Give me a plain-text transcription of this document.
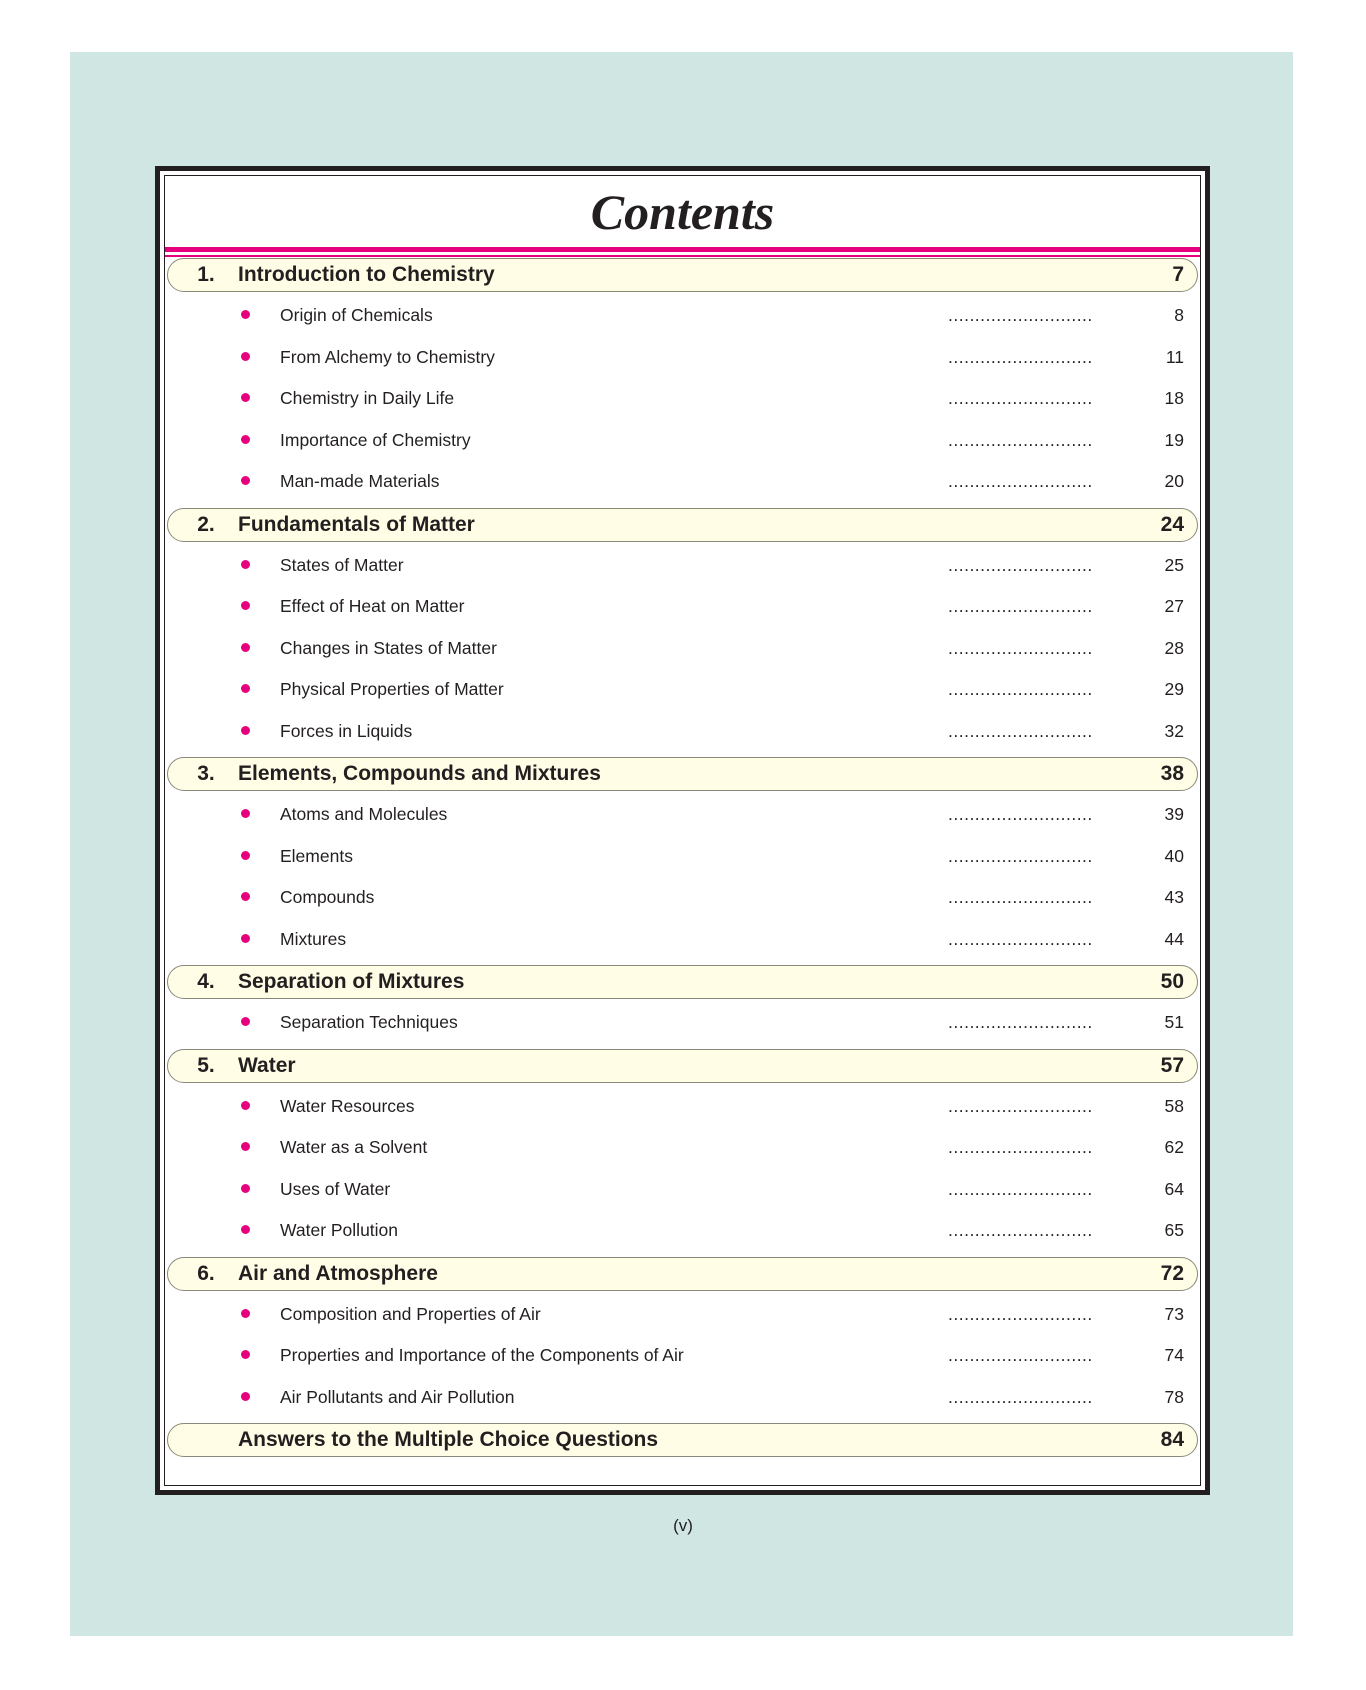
Contents
1.	Introduction to Chemistry	7
Origin of Chemicals	...........................	8
From Alchemy to Chemistry	...........................	11
Chemistry in Daily Life	...........................	18
Importance of Chemistry	...........................	19
Man-made Materials	...........................	20
2.	Fundamentals of Matter	24
States of Matter	...........................	25
Effect of Heat on Matter	...........................	27
Changes in States of Matter	...........................	28
Physical Properties of Matter	...........................	29
Forces in Liquids	...........................	32
3.	Elements, Compounds and Mixtures	38
Atoms and Molecules	...........................	39
Elements	...........................	40
Compounds	...........................	43
Mixtures	...........................	44
4.	Separation of Mixtures	50
Separation Techniques	...........................	51
5.	Water	57
Water Resources	...........................	58
Water as a Solvent	...........................	62
Uses of Water	...........................	64
Water Pollution	...........................	65
6.	Air and Atmosphere	72
Composition and Properties of Air	...........................	73
Properties and Importance of the Components of Air	...........................	74
Air Pollutants and Air Pollution	...........................	78
Answers to the Multiple Choice Questions	84
(v)
